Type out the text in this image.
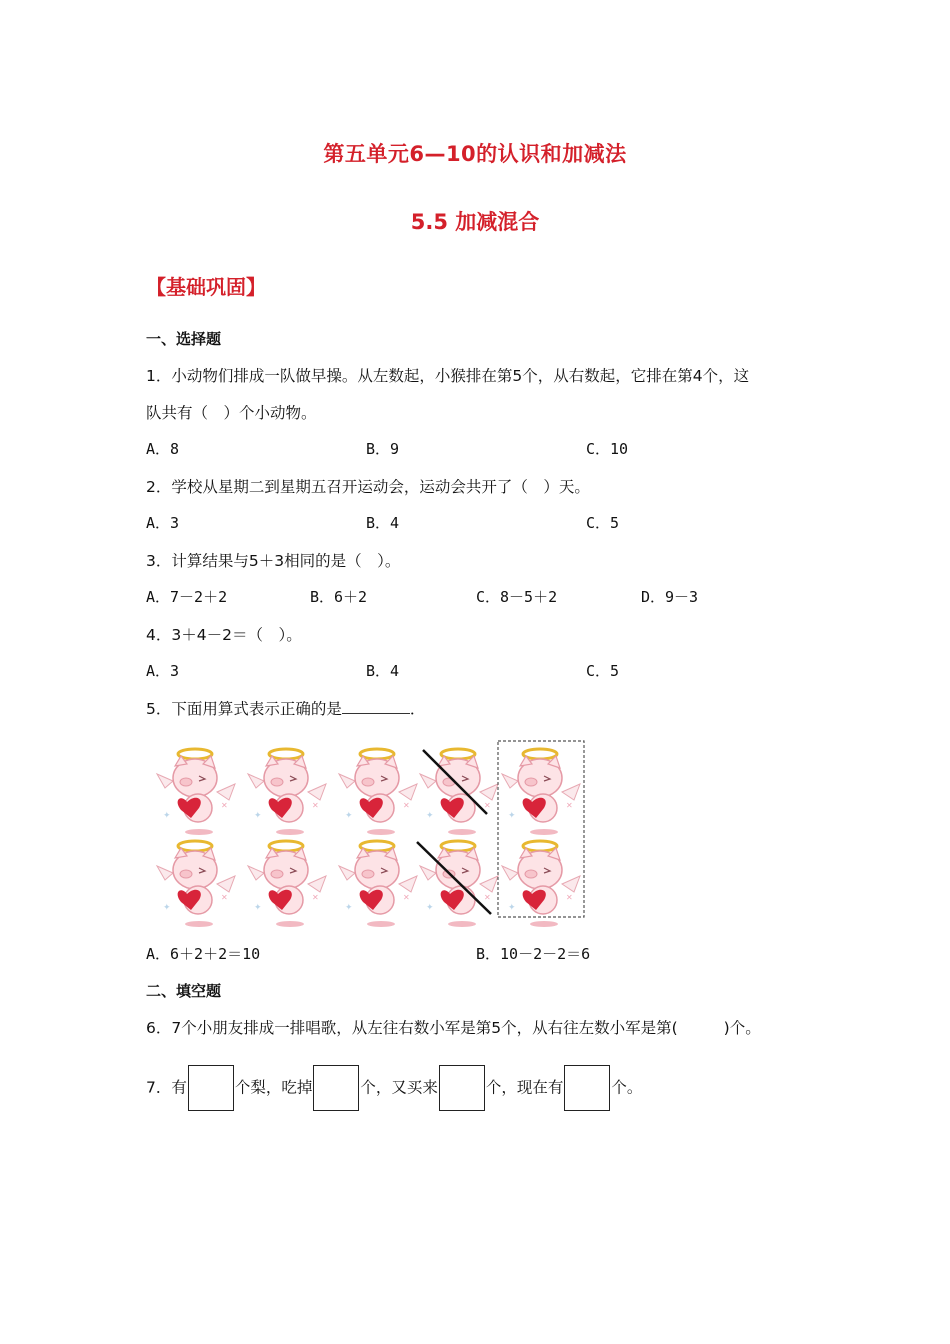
第五单元6—10的认识和加减法
5.5 加减混合
【基础巩固】
一、选择题
1．小动物们排成一队做早操。从左数起，小猴排在第5个，从右数起，它排在第4个，这
队共有（　）个小动物。
A．8	B．9	C．10
2．学校从星期二到星期五召开运动会，运动会共开了（　）天。
A．3	B．4	C．5
3．计算结果与5＋3相同的是（　）。
A．7－2＋2	B．6＋2	C．8－5＋2	D．9－3
4．3＋4－2＝（　）。
A．3	B．4	C．5
5．下面用算式表示正确的是	．
✦
A．6＋2＋2＝10	B．10－2－2＝6
二、填空题
6．7个小朋友排成一排唱歌，从左往右数小军是第5个，从右往左数小军是第(	)个。
7．有	个梨，吃掉	个，又买来	个，现在有	个。
